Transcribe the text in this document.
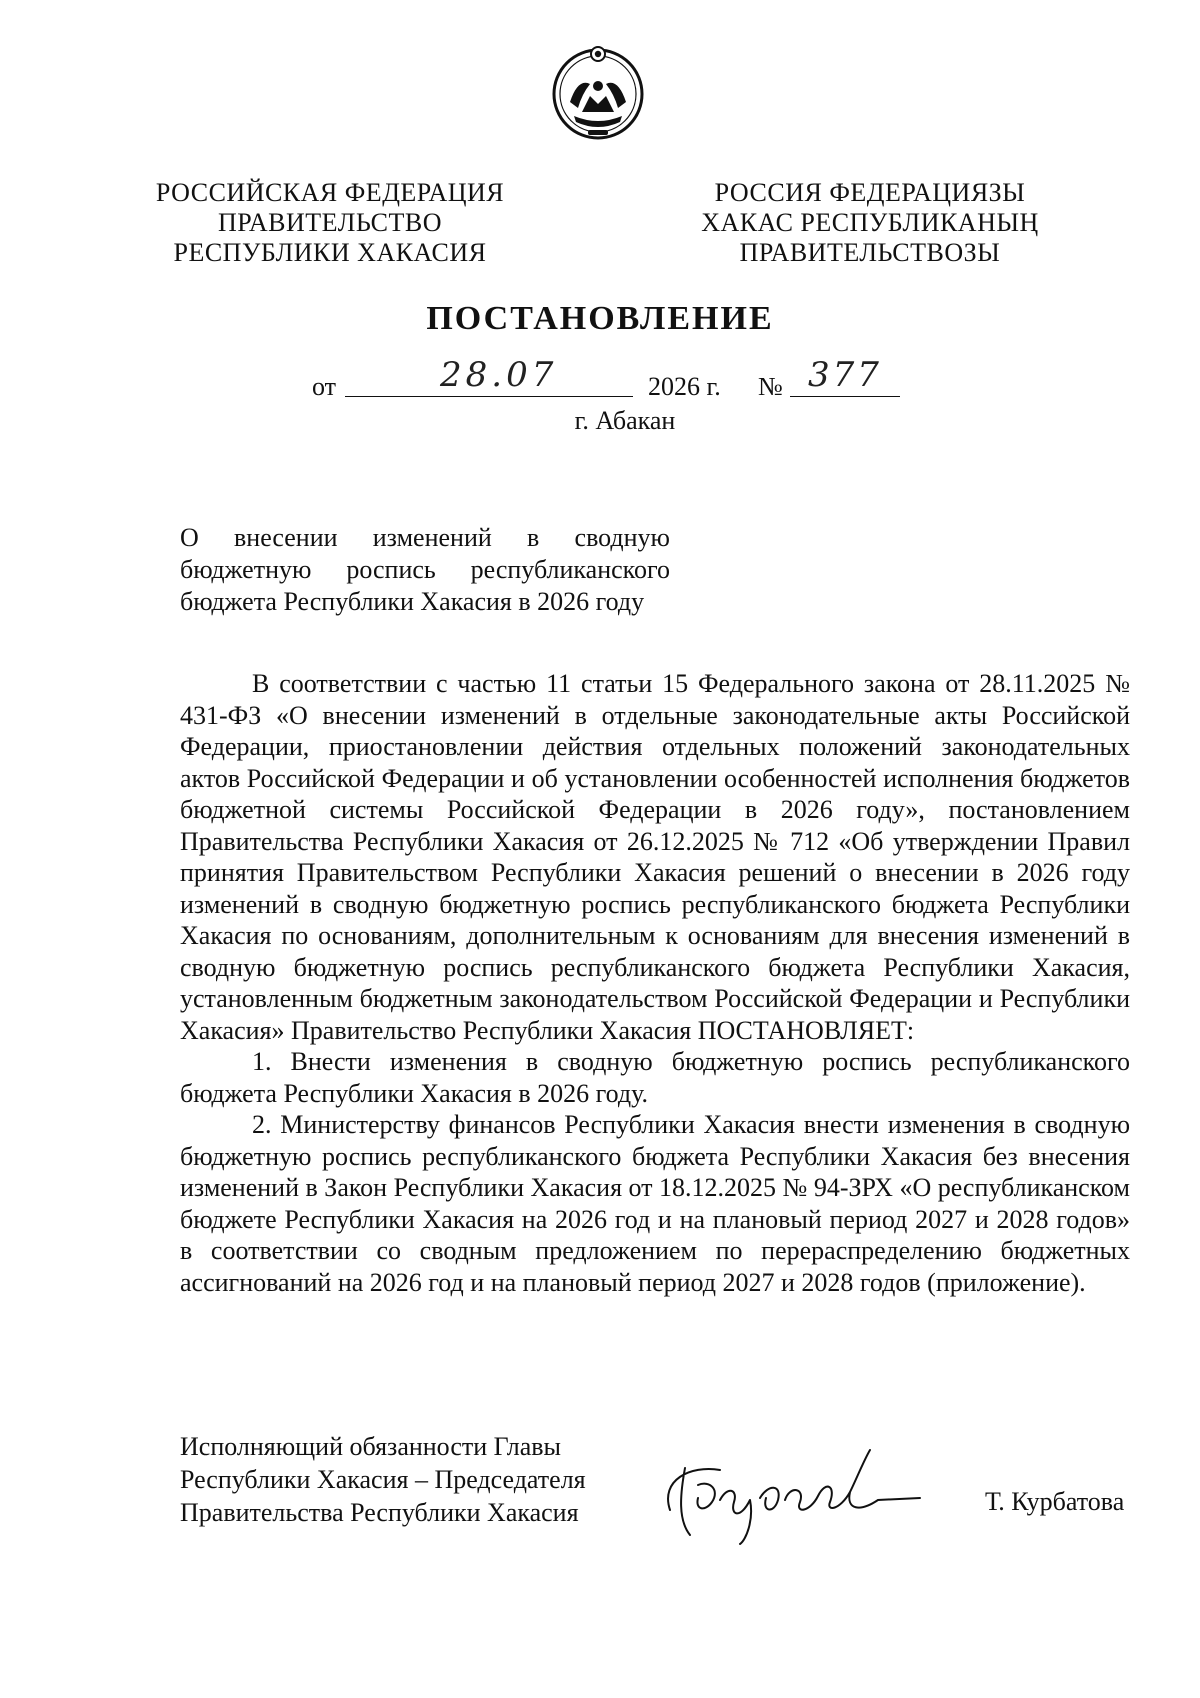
РОССИЙСКАЯ ФЕДЕРАЦИЯ
ПРАВИТЕЛЬСТВО
РЕСПУБЛИКИ ХАКАСИЯ
РОССИЯ ФЕДЕРАЦИЯЗЫ
ХАКАС РЕСПУБЛИКАНЫҢ
ПРАВИТЕЛЬСТВОЗЫ
ПОСТАНОВЛЕНИЕ
от	28.07	2026 г. № 377
г. Абакан

О внесении изменений в сводную

бюджетную роспись республиканского

бюджета Республики Хакасия в 2026 году

В соответствии с частью 11 статьи 15 Федерального закона от 28.11.2025 № 431-ФЗ «О внесении изменений в отдельные законодательные акты Российской Федерации, приостановлении действия отдельных положений законодательных актов Российской Федерации и об установлении особенностей исполнения бюджетов бюджетной системы Российской Федерации в 2026 году», постановлением Правительства Республики Хакасия от 26.12.2025 № 712 «Об утверждении Правил принятия Правительством Республики Хакасия решений о внесении в 2026 году изменений в сводную бюджетную роспись республиканского бюджета Республики Хакасия по основаниям, дополнительным к основаниям для внесения изменений в сводную бюджетную роспись республиканского бюджета Республики Хакасия, установленным бюджетным законодательством Российской Федерации и Республики Хакасия» Правительство Республики Хакасия ПОСТАНОВЛЯЕТ:

1. Внести изменения в сводную бюджетную роспись республиканского бюджета Республики Хакасия в 2026 году.

2. Министерству финансов Республики Хакасия внести изменения в сводную бюджетную роспись республиканского бюджета Республики Хакасия без внесения изменений в Закон Республики Хакасия от 18.12.2025 № 94-ЗРХ «О республиканском бюджете Республики Хакасия на 2026 год и на плановый период 2027 и 2028 годов» в соответствии со сводным предложением по перераспределению бюджетных ассигнований на 2026 год и на плановый период 2027 и 2028 годов (приложение).

Исполняющий обязанности Главы
Республики Хакасия – Председателя
Правительства Республики Хакасия	Т. Курбатова
